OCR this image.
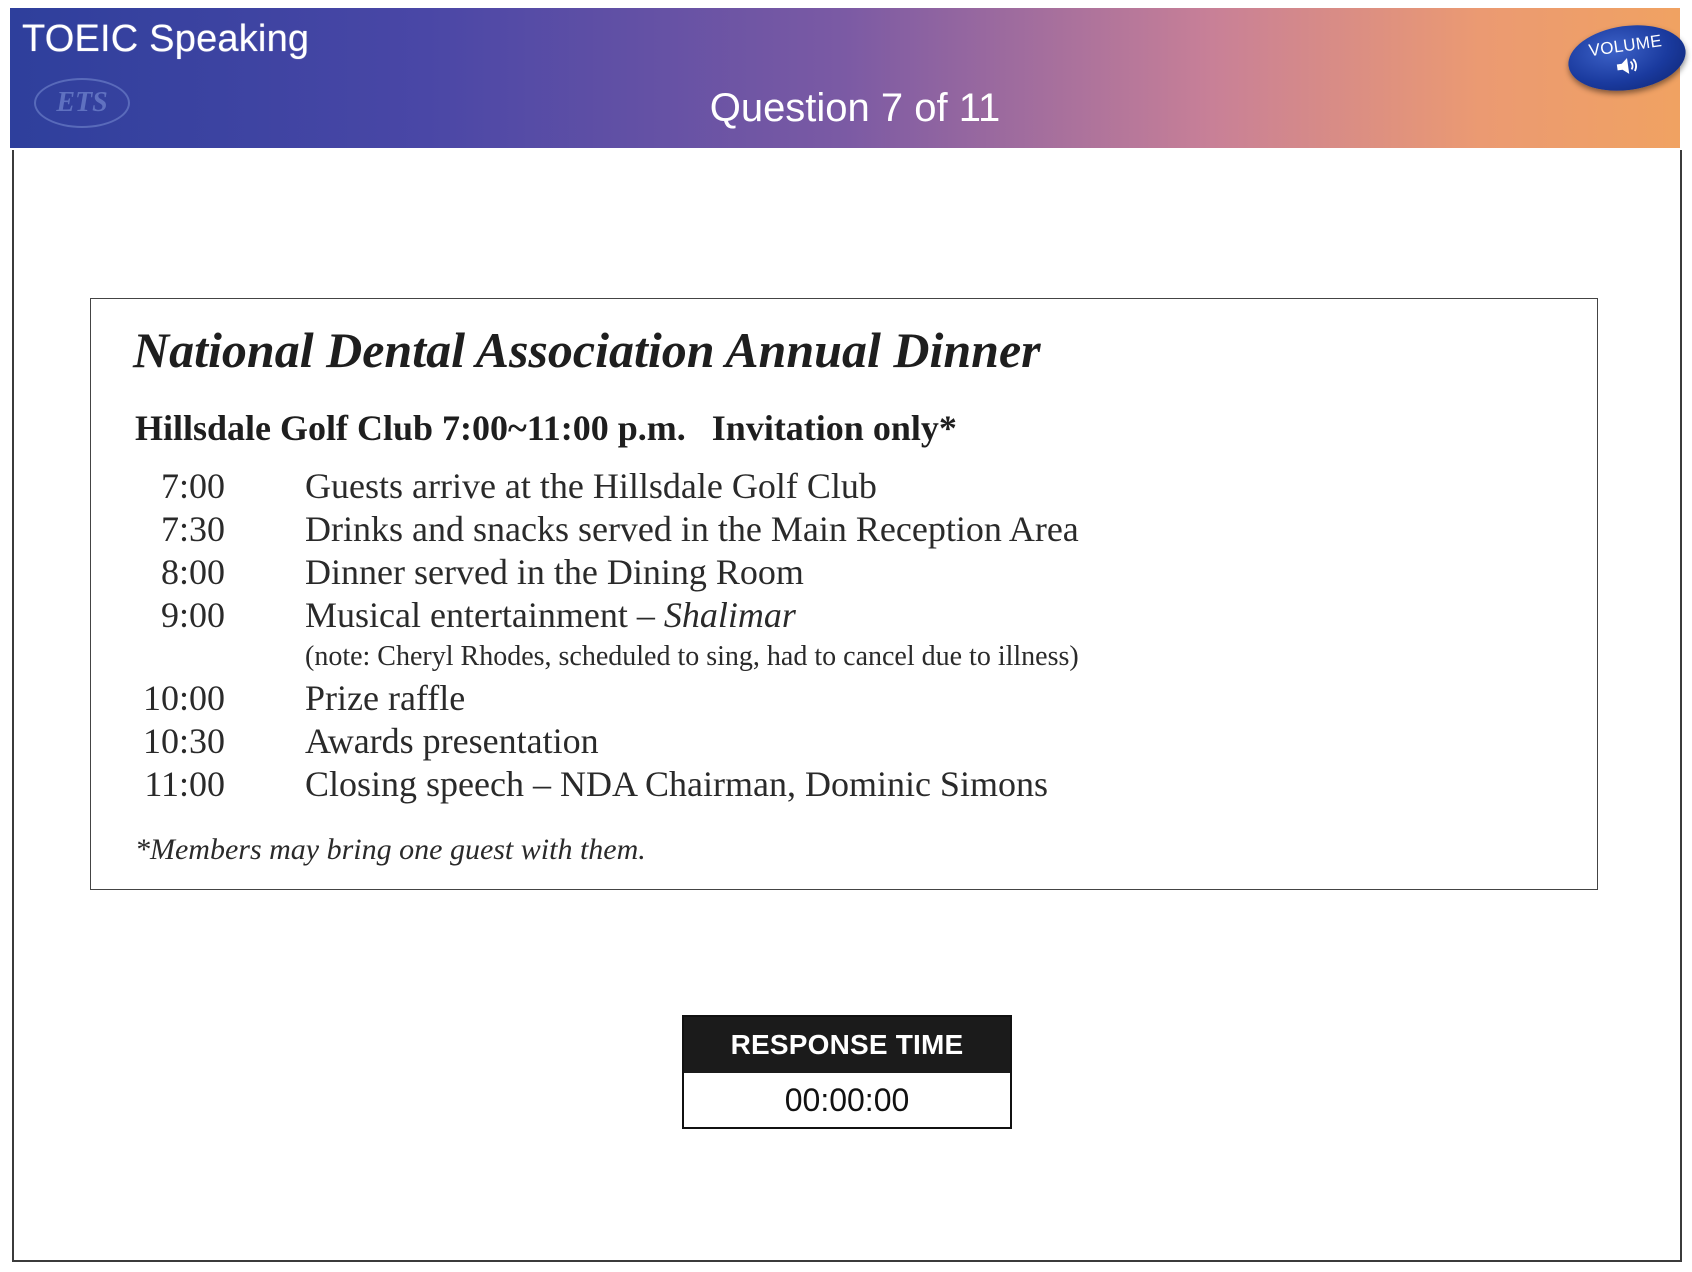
TOEIC Speaking
ETS	Question 7 of 11
VOLUME
National Dental Association Annual Dinner
Hillsdale Golf Club 7:00~11:00 p.m. Invitation only*
7:00 Guests arrive at the Hillsdale Golf Club
7:30 Drinks and snacks served in the Main Reception Area
8:00 Dinner served in the Dining Room
9:00 Musical entertainment – Shalimar
(note: Cheryl Rhodes, scheduled to sing, had to cancel due to illness)
10:00 Prize raffle
10:30 Awards presentation
11:00 Closing speech – NDA Chairman, Dominic Simons
*Members may bring one guest with them.
RESPONSE TIME
00:00:00
